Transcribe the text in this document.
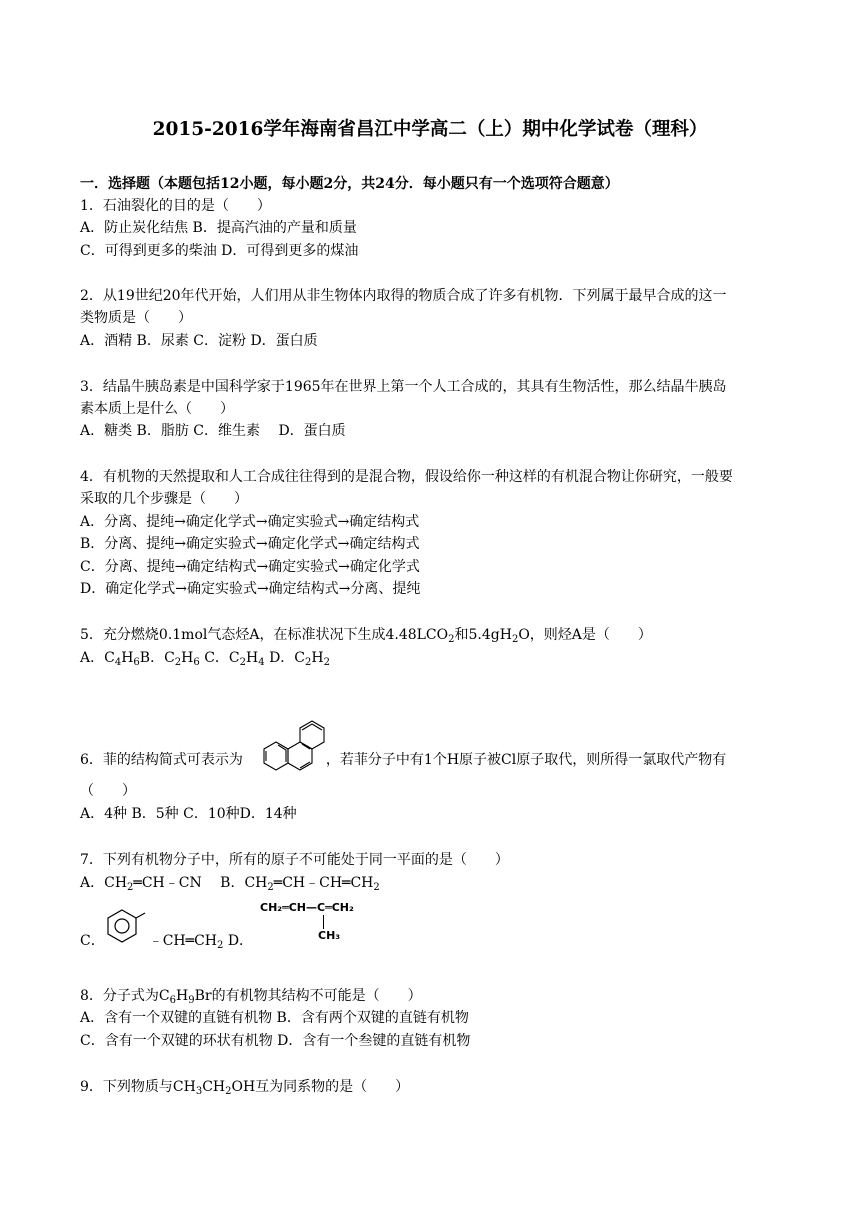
2015-2016学年海南省昌江中学高二（上）期中化学试卷（理科）
一．选择题（本题包括12小题，每小题2分，共24分．每小题只有一个选项符合题意）
1．石油裂化的目的是（　　）
A．防止炭化结焦 B．提高汽油的产量和质量
C．可得到更多的柴油 D．可得到更多的煤油
2．从19世纪20年代开始，人们用从非生物体内取得的物质合成了许多有机物．下列属于最早合成的这一
类物质是（　　）
A．酒精 B．尿素 C．淀粉 D．蛋白质
3．结晶牛胰岛素是中国科学家于1965年在世界上第一个人工合成的，其具有生物活性，那么结晶牛胰岛
素本质上是什么（　　）
A．糖类 B．脂肪 C．维生素　 D．蛋白质
4．有机物的天然提取和人工合成往往得到的是混合物，假设给你一种这样的有机混合物让你研究，一般要
采取的几个步骤是（　　）
A．分离、提纯→确定化学式→确定实验式→确定结构式
B．分离、提纯→确定实验式→确定化学式→确定结构式
C．分离、提纯→确定结构式→确定实验式→确定化学式
D．确定化学式→确定实验式→确定结构式→分离、提纯
5．充分燃烧0.1mol气态烃A，在标准状况下生成$4.48LCO_2$和$5.4gH_2O$，则烃A是（　　）
A．$C_4H_6B$．$C_2H_6$ C．$C_2H_4$ D．$C_2H_2$
6．菲的结构简式可表示为	，若菲分子中有1个H原子被Cl原子取代，则所得一氯取代产物有
（　　）
A．4种 B．5种 C．10种D．14种
7．下列有机物分子中，所有的原子不可能处于同一平面的是（　　）
A．$CH_2═CH﹣CN$　 B．$CH_2═CH﹣CH═CH_2$
C．	$﹣CH═CH_2$ D．
CH₂═CH—C═CH₂
CH₃
8．分子式为$C_6H_9Br$的有机物其结构不可能是（　　）
A．含有一个双键的直链有机物 B．含有两个双键的直链有机物
C．含有一个双键的环状有机物 D．含有一个叁键的直链有机物
9．下列物质与$CH_3CH_2OH$互为同系物的是（　　）
